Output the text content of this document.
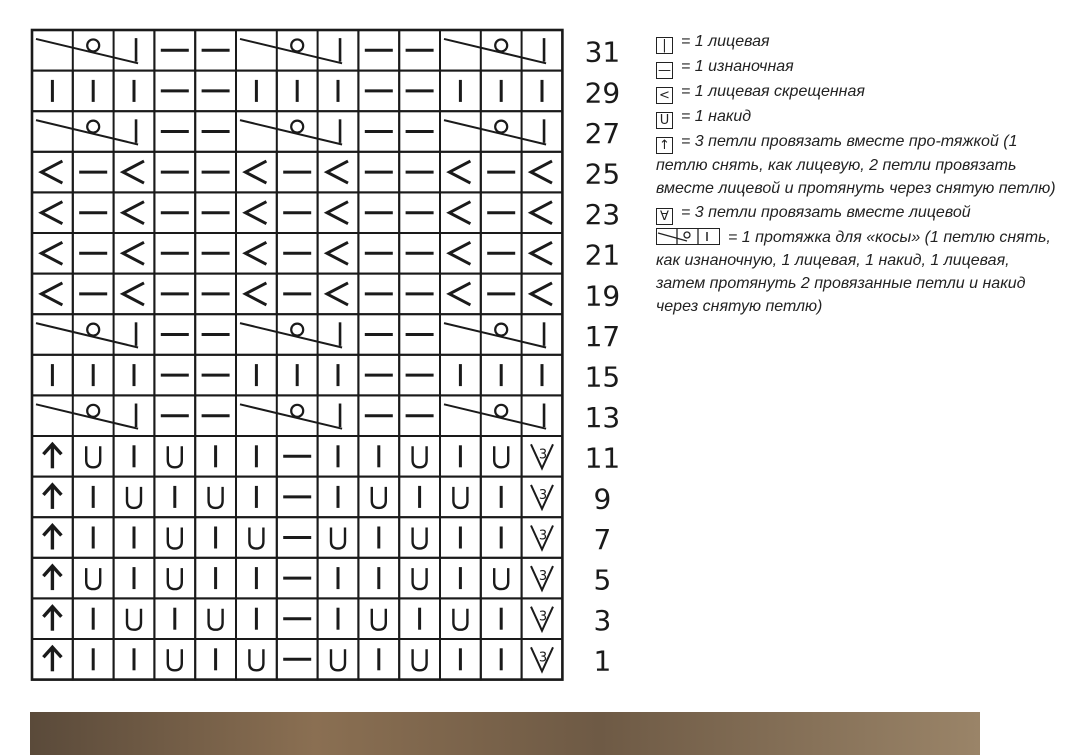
31
29
27
25
23
21
19
17
15
13
3 11
3 9
3 7
3 5
3 3
3 1
| = 1 лицевая
— = 1 изнаночная
< = 1 лицевая скрещенная
U = 1 накид
↑ = 3 петли провязать вместе про-тяжкой (1 петлю снять, как лицевую, 2 петли провязать вместе лицевой и протянуть через снятую петлю)
∀ = 3 петли провязать вместе лицевой
= 1 протяжка для «косы» (1 петлю снять, как изнаночную, 1 лицевая, 1 накид, 1 лицевая, затем протянуть 2 провязанные петли и накид через снятую петлю)
